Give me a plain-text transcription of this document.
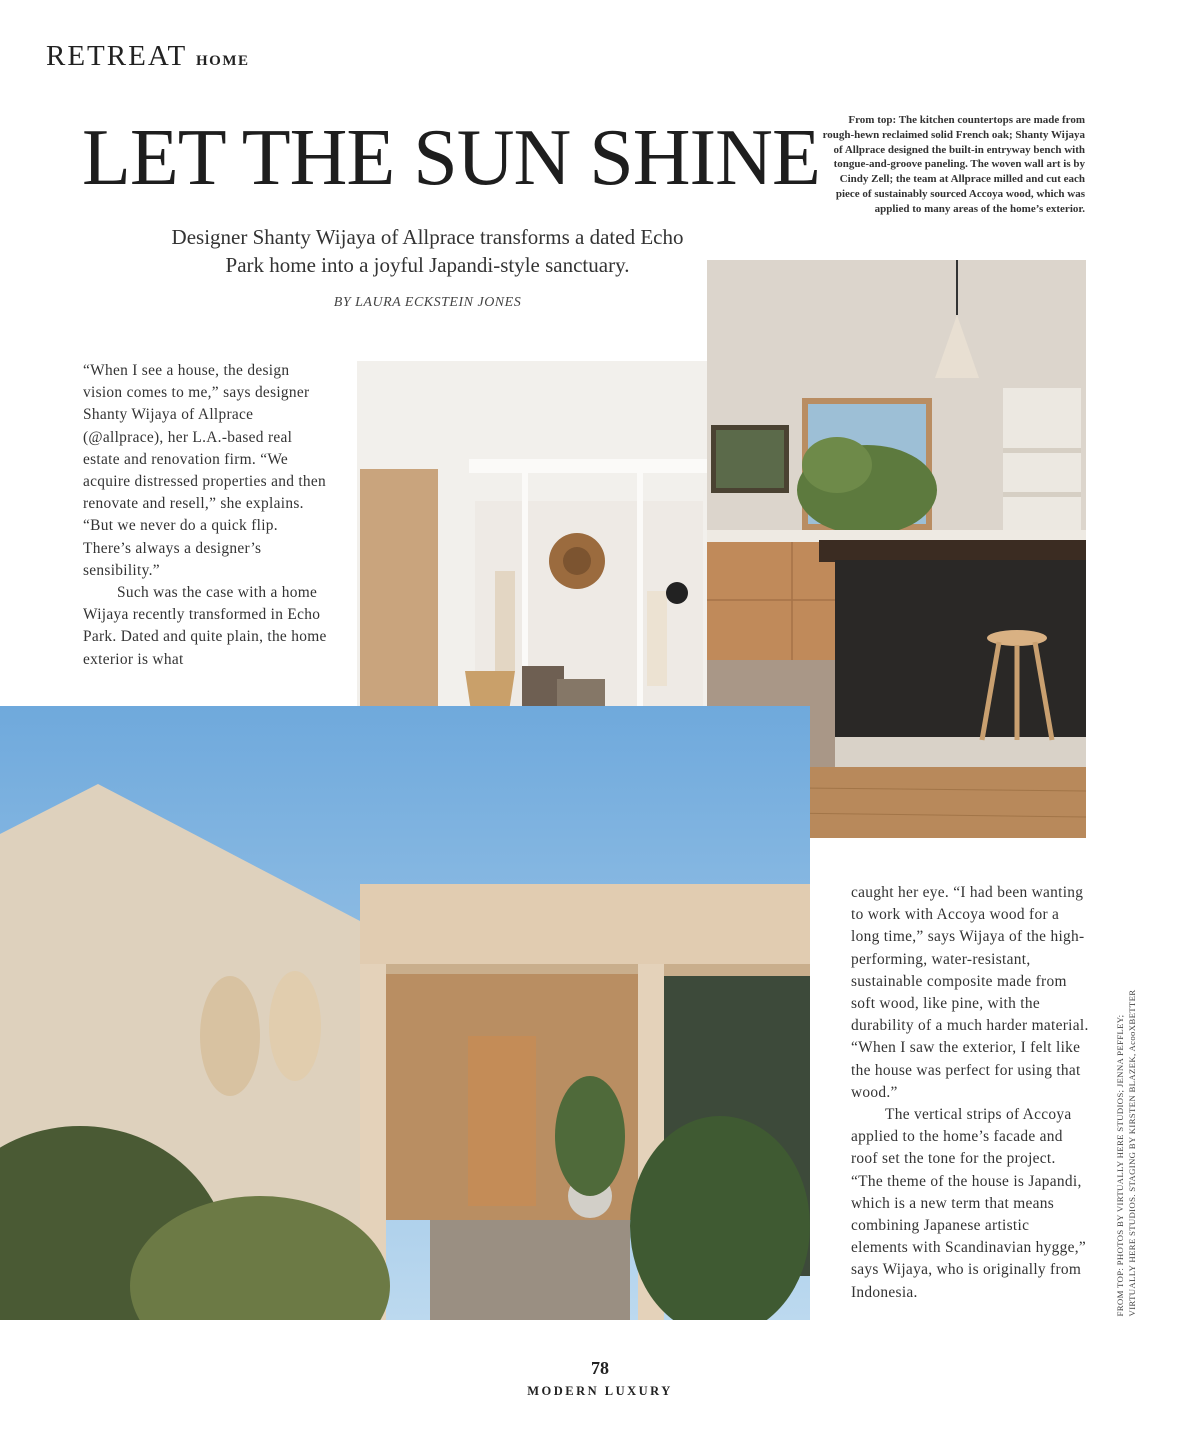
RETREAT HOME
LET THE SUN SHINE
Designer Shanty Wijaya of Allprace transforms a dated Echo Park home into a joyful Japandi-style sanctuary.
BY LAURA ECKSTEIN JONES
From top: The kitchen countertops are made from rough-hewn reclaimed solid French oak; Shanty Wijaya of Allprace designed the built-in entryway bench with tongue-and-groove paneling. The woven wall art is by Cindy Zell; the team at Allprace milled and cut each piece of sustainably sourced Accoya wood, which was applied to many areas of the home’s exterior.

“When I see a house, the design vision comes to me,” says designer Shanty Wijaya of Allprace (@allprace), her L.A.-based real estate and renovation firm. “We acquire distressed properties and then renovate and resell,” she explains. “But we never do a quick flip. There’s always a designer’s sensibility.”

Such was the case with a home Wijaya recently transformed in Echo Park. Dated and quite plain, the home exterior is what

caught her eye. “I had been wanting to work with Accoya wood for a long time,” says Wijaya of the high-performing, water-resistant, sustainable composite made from soft wood, like pine, with the durability of a much harder material. “When I saw the exterior, I felt like the house was perfect for using that wood.”

The vertical strips of Accoya applied to the home’s facade and roof set the tone for the project. “The theme of the house is Japandi, which is a new term that means combining Japanese artistic elements with Scandinavian hygge,” says Wijaya, who is originally from Indonesia.	FROM TOP: PHOTOS BY VIRTUALLY HERE STUDIOS; JENNA PEFFLEY; VIRTUALLY HERE STUDIOS. STAGING BY KIRSTEN BLAZEK, AcooXBETTER
78
MODERN LUXURY
